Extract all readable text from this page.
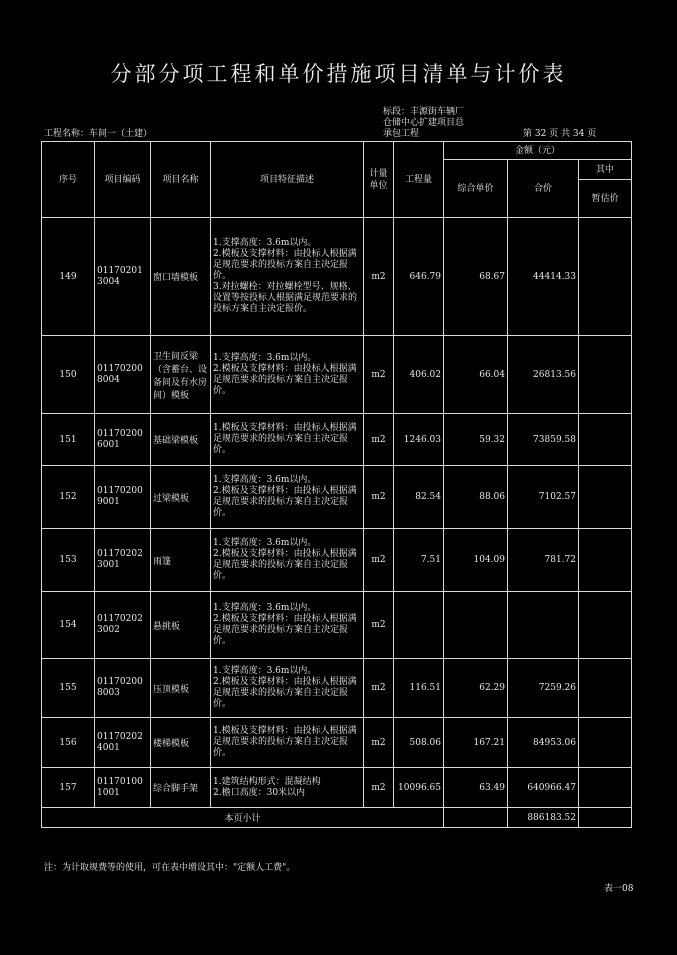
分部分项工程和单价措施项目清单与计价表
标段：丰源街车辆厂
仓储中心扩建项目总
承包工程
工程名称：车间一（土建）	第 32 页 共 34 页
序号	项目编码	项目名称	项目特征描述	计量单位	工程量	金额（元）		
						综合单价	合价	其中
								暂估价
149	011702013004	窗口墙模板	1.支撑高度：3.6m以内。
2.模板及支撑材料：由投标人根据满足规范要求的投标方案自主决定报价。
3.对拉螺栓：对拉螺栓型号、规格、设置等按投标人根据满足规范要求的投标方案自主决定报价。	m2	646.79	68.67	44414.33	
150	011702008004	卫生间反梁（含蓄台、设备间及有水房间）模板	1.支撑高度：3.6m以内。
2.模板及支撑材料：由投标人根据满足规范要求的投标方案自主决定报价。	m2	406.02	66.04	26813.56	
151	011702006001	基础梁模板	1.模板及支撑材料：由投标人根据满足规范要求的投标方案自主决定报价。	m2	1246.03	59.32	73859.58	
152	011702009001	过梁模板	1.支撑高度：3.6m以内。
2.模板及支撑材料：由投标人根据满足规范要求的投标方案自主决定报价。	m2	82.54	88.06	7102.57	
153	011702023001	雨篷	1.支撑高度：3.6m以内。
2.模板及支撑材料：由投标人根据满足规范要求的投标方案自主决定报价。	m2	7.51	104.09	781.72	
154	011702023002	悬挑板	1.支撑高度：3.6m以内。
2.模板及支撑材料：由投标人根据满足规范要求的投标方案自主决定报价。	m2				
155	011702008003	压顶模板	1.支撑高度：3.6m以内。
2.模板及支撑材料：由投标人根据满足规范要求的投标方案自主决定报价。	m2	116.51	62.29	7259.26	
156	011702024001	楼梯模板	1.模板及支撑材料：由投标人根据满足规范要求的投标方案自主决定报价。	m2	508.06	167.21	84953.06	
157	011701001001	综合脚手架	1.建筑结构形式：混凝结构
2.檐口高度：30米以内	m2	10096.65	63.49	640966.47	
本页小计							886183.52	
注：为计取规费等的使用，可在表中增设其中："定额人工费"。
表一08
